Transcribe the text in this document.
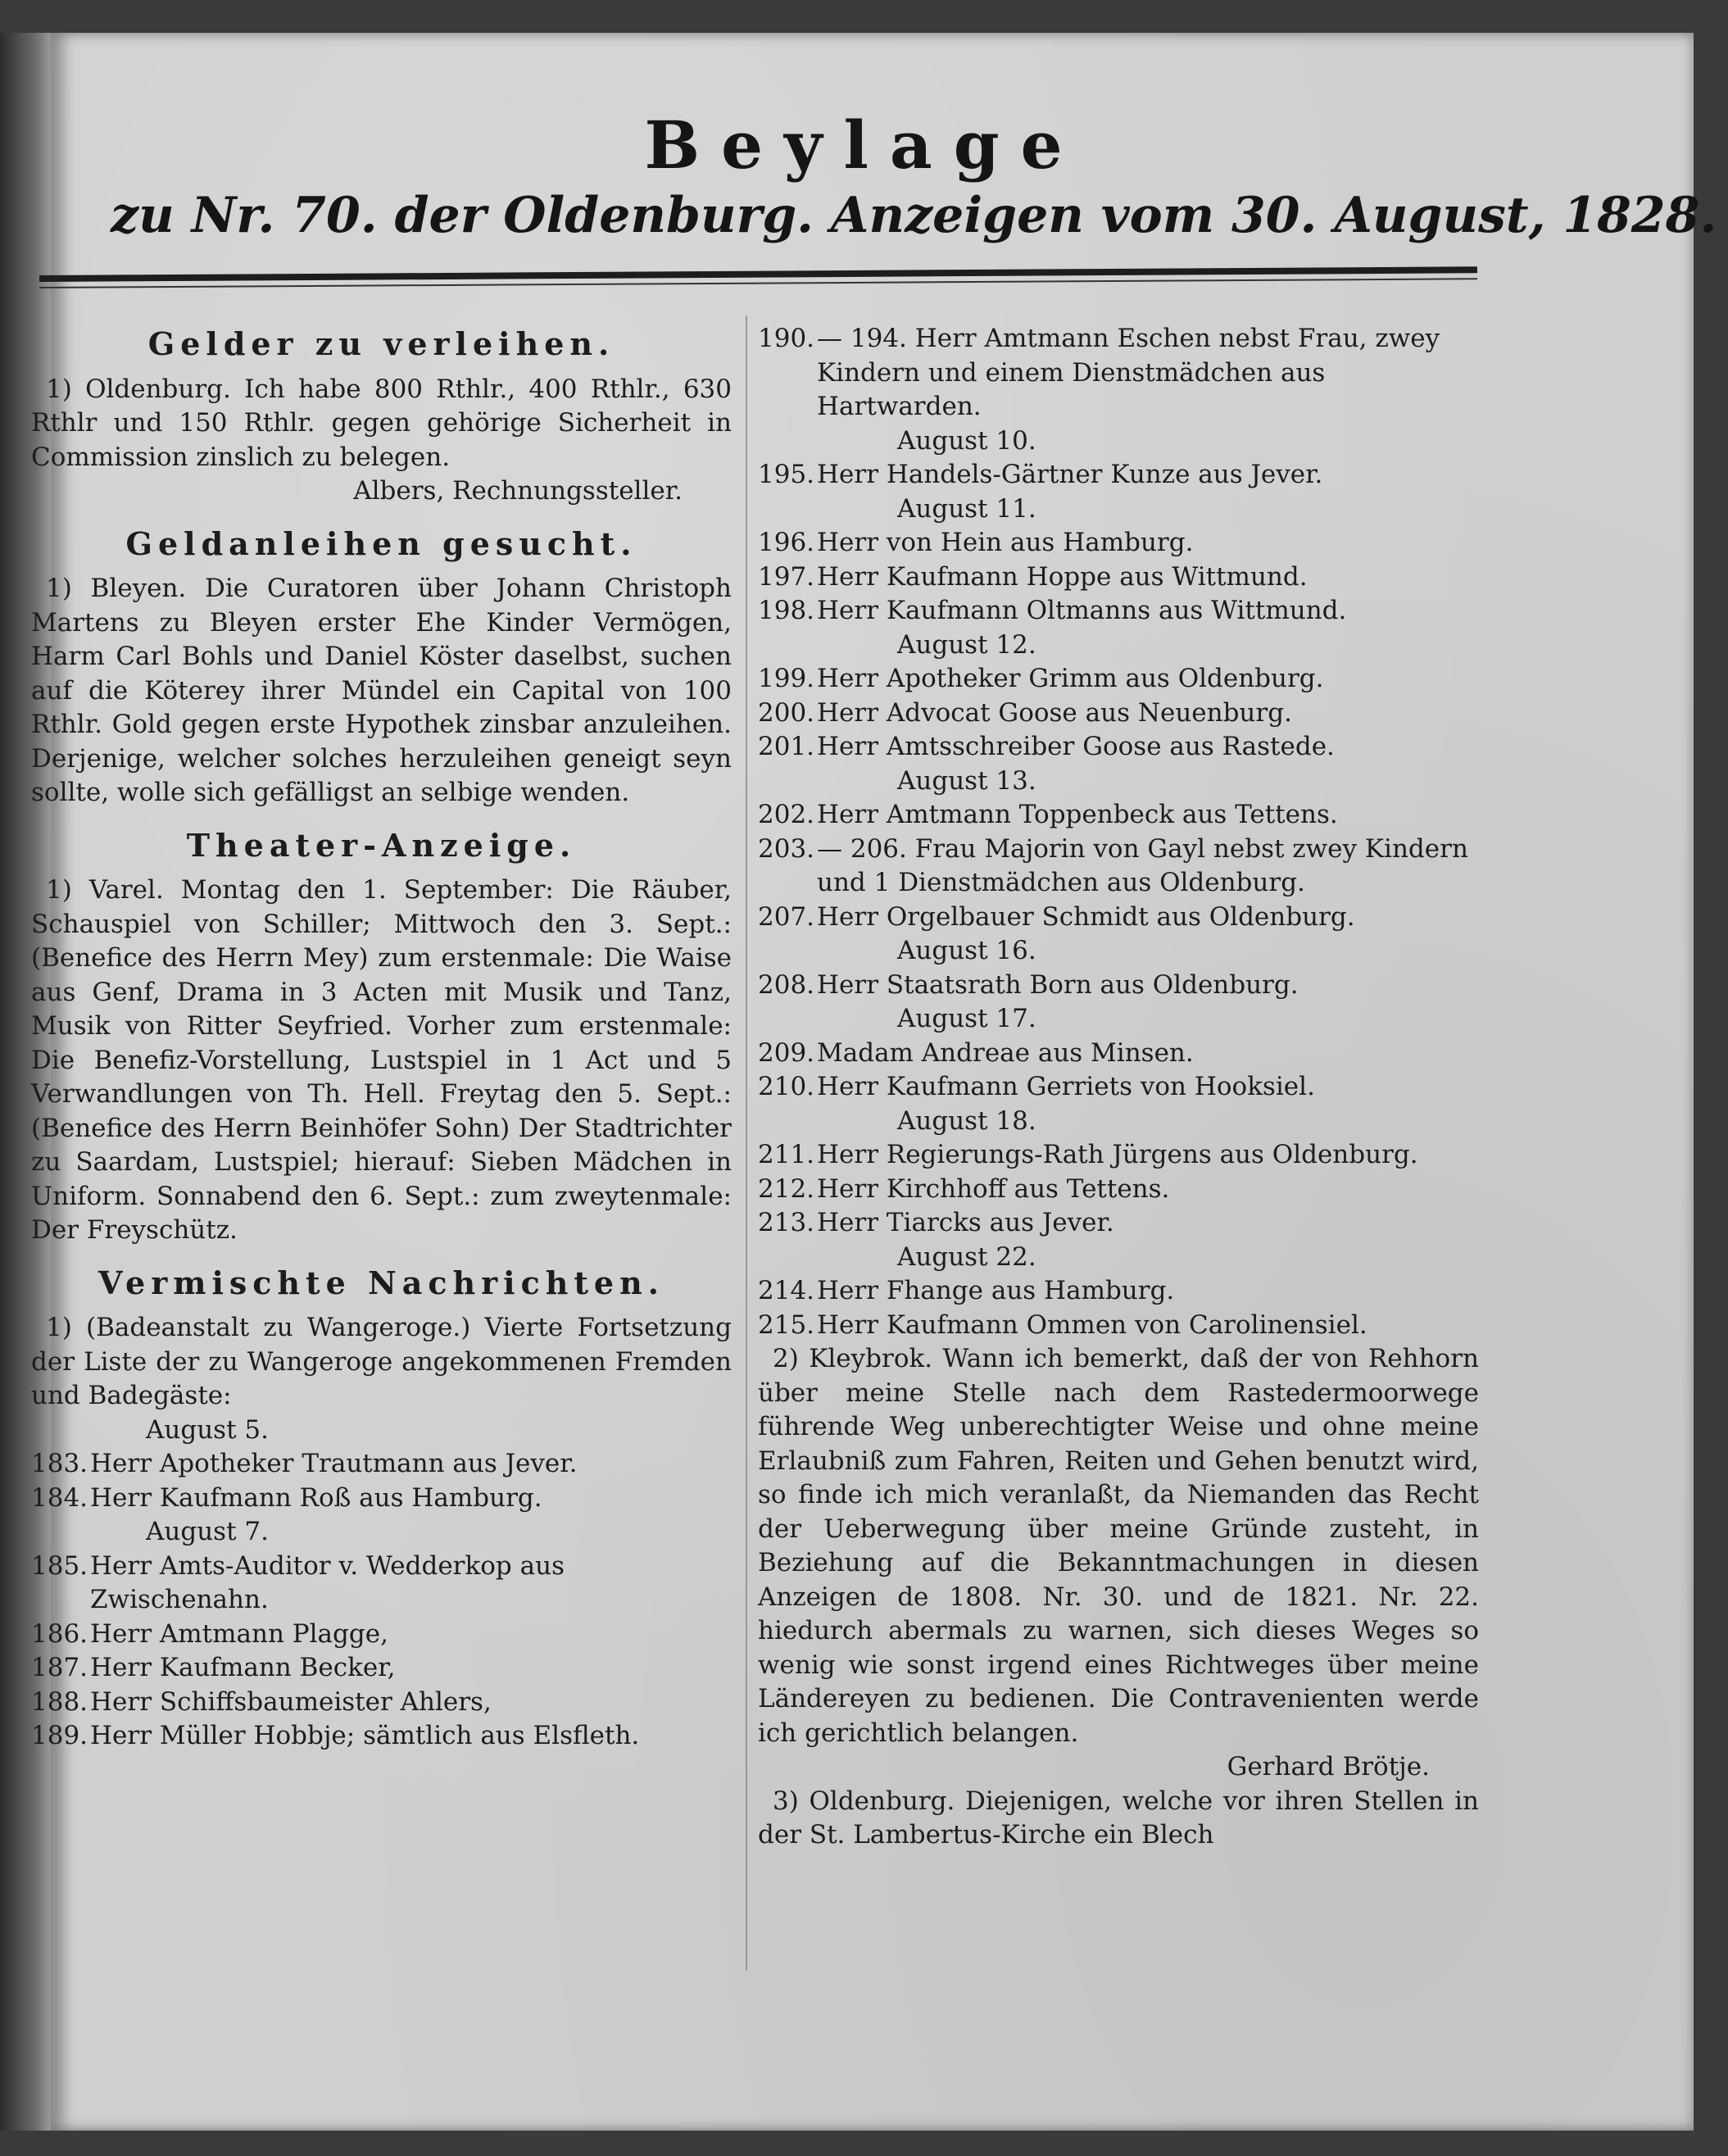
Beylage
zu Nr. 70. der Oldenburg. Anzeigen vom 30. August, 1828.

Gelder zu verleihen.

1) Oldenburg. Ich habe 800 Rthlr., 400 Rthlr., 630 Rthlr und 150 Rthlr. gegen gehörige Sicherheit in Commission zinslich zu belegen.

Albers, Rechnungssteller.

Geldanleihen gesucht.

1) Bleyen. Die Curatoren über Johann Christoph Martens zu Bleyen erster Ehe Kinder Vermögen, Harm Carl Bohls und Daniel Köster daselbst, suchen auf die Köterey ihrer Mündel ein Capital von 100 Rthlr. Gold gegen erste Hypothek zinsbar anzuleihen. Derjenige, welcher solches herzuleihen geneigt seyn sollte, wolle sich gefälligst an selbige wenden.

Theater-Anzeige.

1) Varel. Montag den 1. September: Die Räuber, Schauspiel von Schiller; Mittwoch den 3. Sept.: (Benefice des Herrn Mey) zum erstenmale: Die Waise aus Genf, Drama in 3 Acten mit Musik und Tanz, Musik von Ritter Seyfried. Vorher zum erstenmale: Die Benefiz-Vorstellung, Lustspiel in 1 Act und 5 Verwandlungen von Th. Hell. Freytag den 5. Sept.: (Benefice des Herrn Beinhöfer Sohn) Der Stadtrichter zu Saardam, Lustspiel; hierauf: Sieben Mädchen in Uniform. Sonnabend den 6. Sept.: zum zweytenmale: Der Freyschütz.

Vermischte Nachrichten.

1) (Badeanstalt zu Wangeroge.) Vierte Fortsetzung der Liste der zu Wangeroge angekommenen Fremden und Badegäste:

August 5.

183.Herr Apotheker Trautmann aus Jever.

184.Herr Kaufmann Roß aus Hamburg.

August 7.

185.Herr Amts-Auditor v. Wedderkop aus Zwischenahn.

186.Herr Amtmann Plagge,

187.Herr Kaufmann Becker,

188.Herr Schiffsbaumeister Ahlers,

189.Herr Müller Hobbje; sämtlich aus Elsfleth.

190.— 194. Herr Amtmann Eschen nebst Frau, zwey Kindern und einem Dienstmädchen aus Hartwarden.

August 10.

195.Herr Handels-Gärtner Kunze aus Jever.

August 11.

196.Herr von Hein aus Hamburg.

197.Herr Kaufmann Hoppe aus Wittmund.

198.Herr Kaufmann Oltmanns aus Wittmund.

August 12.

199.Herr Apotheker Grimm aus Oldenburg.

200.Herr Advocat Goose aus Neuenburg.

201.Herr Amtsschreiber Goose aus Rastede.

August 13.

202.Herr Amtmann Toppenbeck aus Tettens.

203.— 206. Frau Majorin von Gayl nebst zwey Kindern und 1 Dienstmädchen aus Oldenburg.

207.Herr Orgelbauer Schmidt aus Oldenburg.

August 16.

208.Herr Staatsrath Born aus Oldenburg.

August 17.

209.Madam Andreae aus Minsen.

210.Herr Kaufmann Gerriets von Hooksiel.

August 18.

211.Herr Regierungs-Rath Jürgens aus Oldenburg.

212.Herr Kirchhoff aus Tettens.

213.Herr Tiarcks aus Jever.

August 22.

214.Herr Fhange aus Hamburg.

215.Herr Kaufmann Ommen von Carolinensiel.

2) Kleybrok. Wann ich bemerkt, daß der von Rehhorn über meine Stelle nach dem Rastedermoorwege führende Weg unberechtigter Weise und ohne meine Erlaubniß zum Fahren, Reiten und Gehen benutzt wird, so finde ich mich veranlaßt, da Niemanden das Recht der Ueberwegung über meine Gründe zusteht, in Beziehung auf die Bekanntmachungen in diesen Anzeigen de 1808. Nr. 30. und de 1821. Nr. 22. hiedurch abermals zu warnen, sich dieses Weges so wenig wie sonst irgend eines Richtweges über meine Ländereyen zu bedienen. Die Contravenienten werde ich gerichtlich belangen.

Gerhard Brötje.

3) Oldenburg. Diejenigen, welche vor ihren Stellen in der St. Lambertus-Kirche ein Blech
